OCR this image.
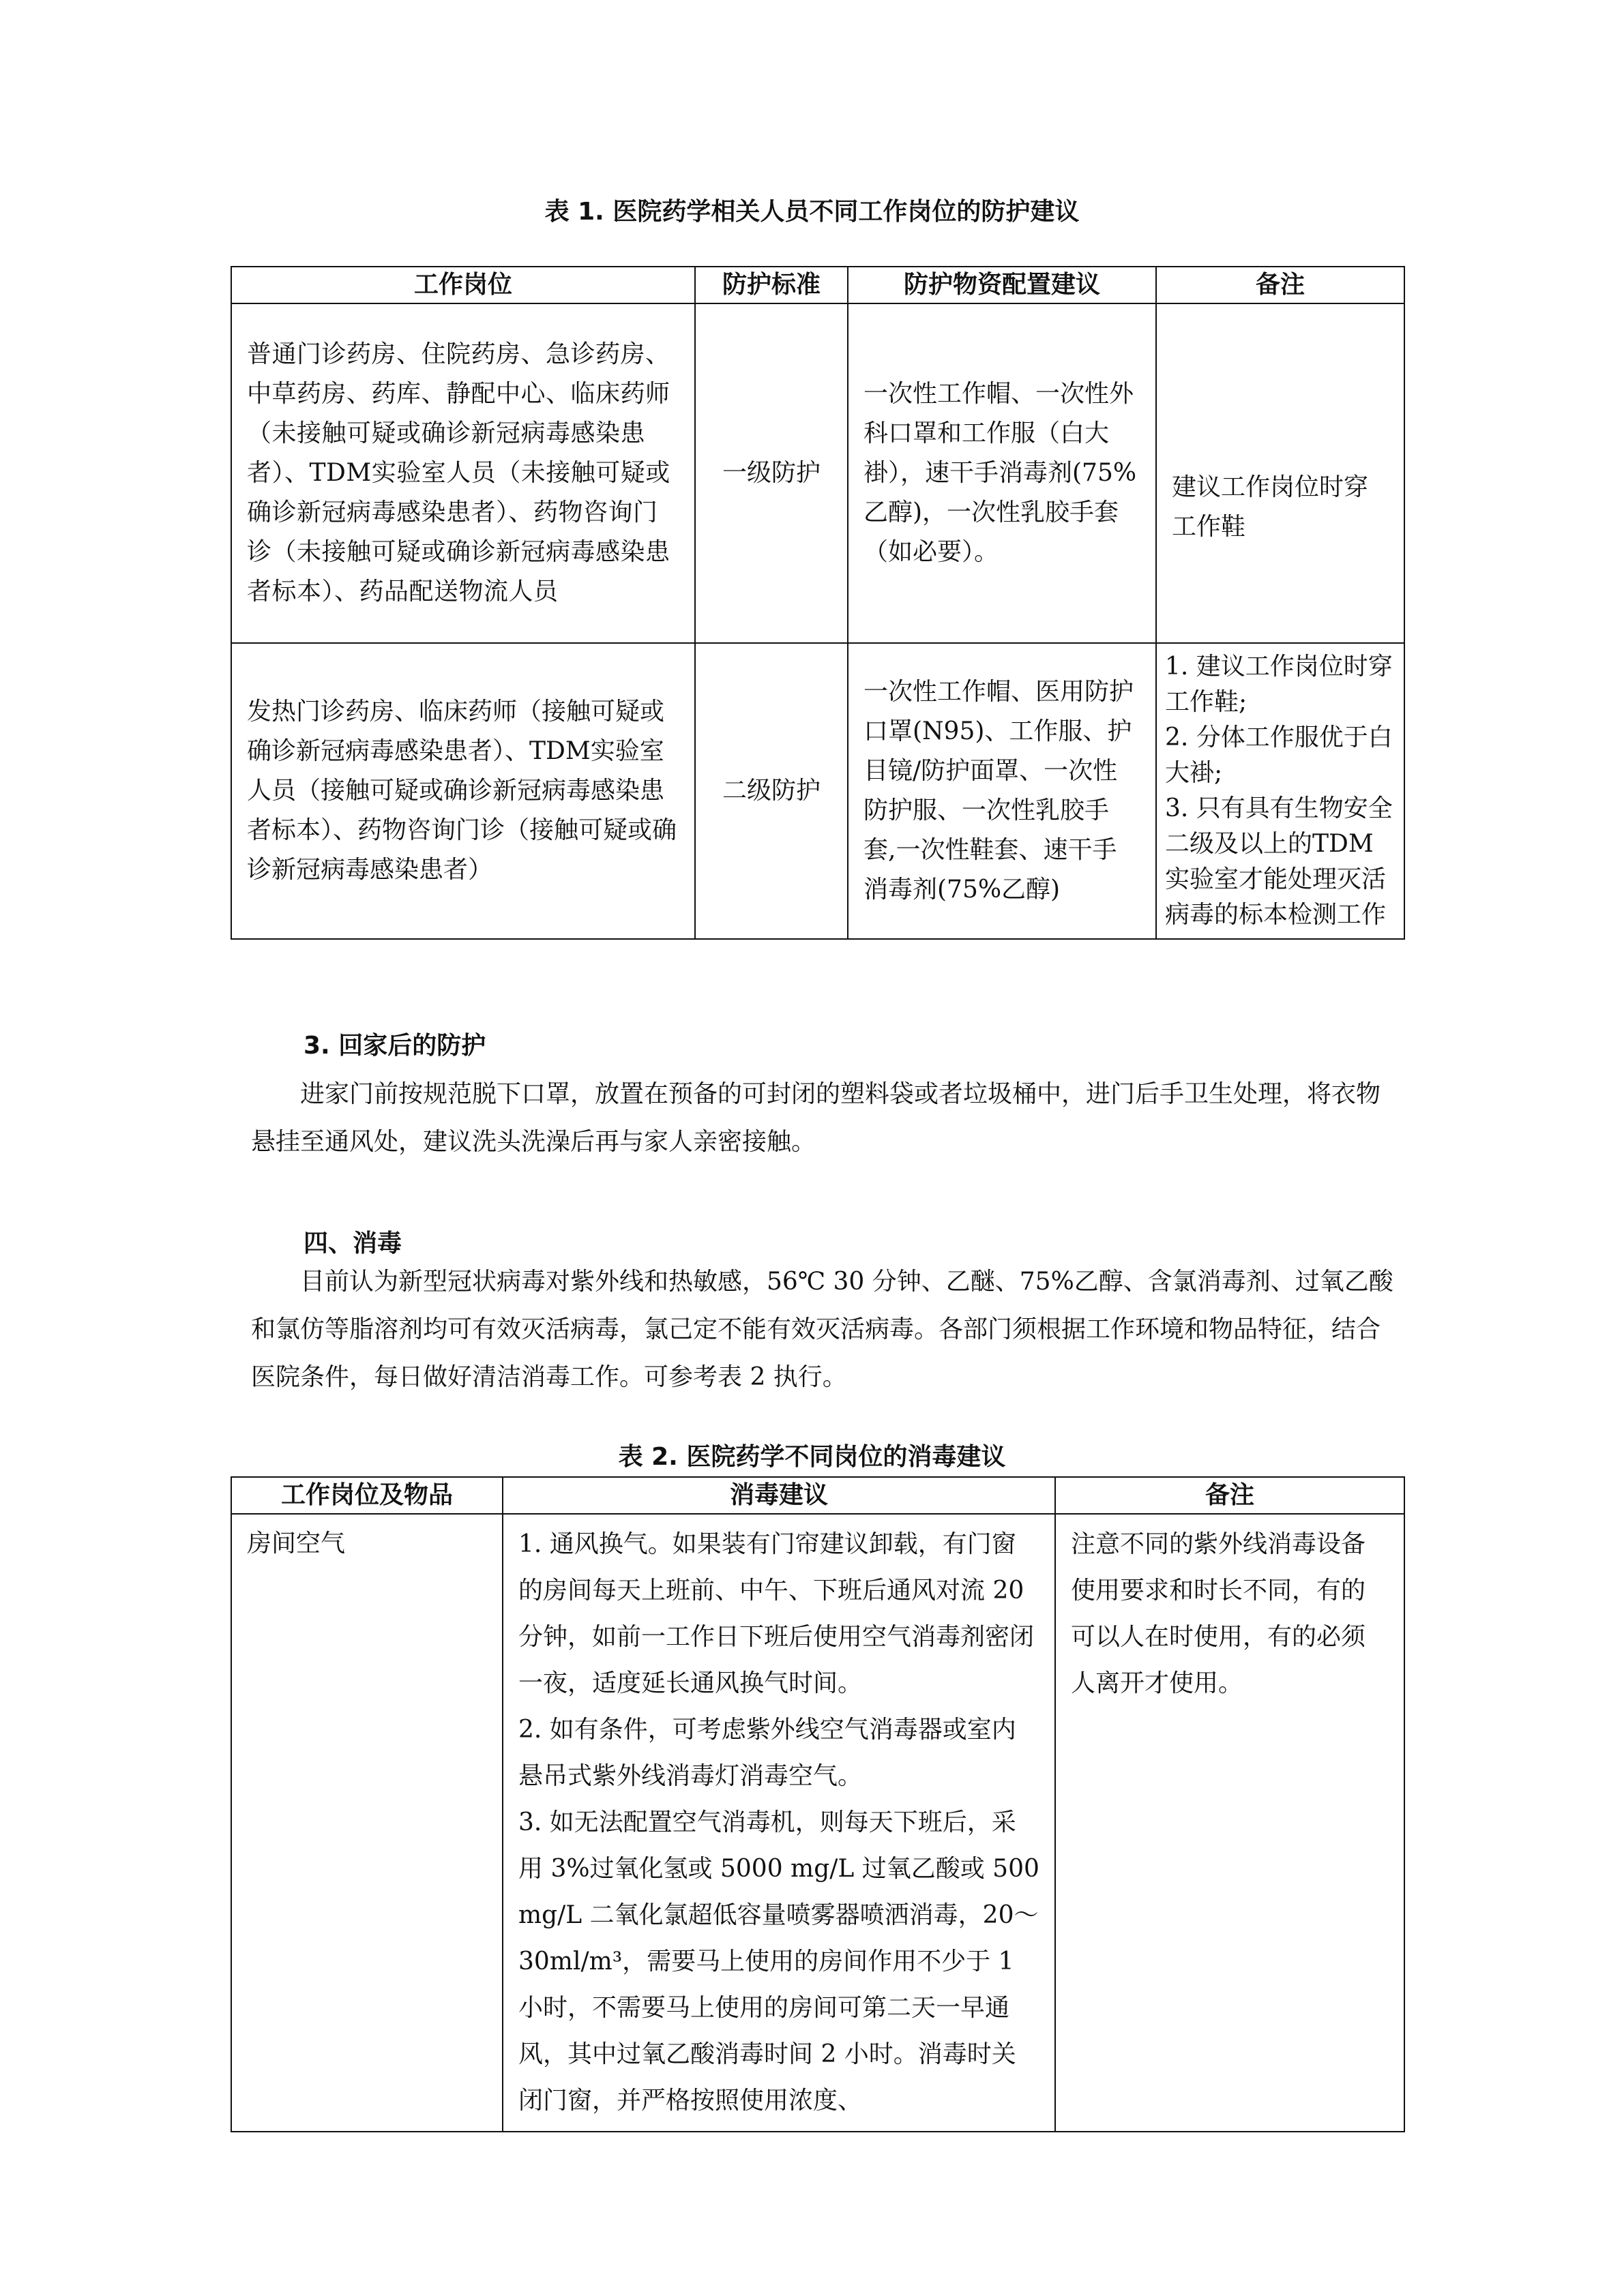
表 1. 医院药学相关人员不同工作岗位的防护建议
工作岗位	防护标准	防护物资配置建议	备注
普通门诊药房、住院药房、急诊药房、中草药房、药库、静配中心、临床药师（未接触可疑或确诊新冠病毒感染患者）、TDM实验室人员（未接触可疑或确诊新冠病毒感染患者）、药物咨询门诊（未接触可疑或确诊新冠病毒感染患者标本）、药品配送物流人员	一级防护	一次性工作帽、一次性外科口罩和工作服（白大褂），速干手消毒剂(75%乙醇)，一次性乳胶手套（如必要）。	建议工作岗位时穿工作鞋

发热门诊药房、临床药师（接触可疑或确诊新冠病毒感染患者）、TDM实验室人员（接触可疑或确诊新冠病毒感染患者标本）、药物咨询门诊（接触可疑或确诊新冠病毒感染患者）	二级防护	一次性工作帽、医用防护口罩(N95)、工作服、护目镜/防护面罩、一次性防护服、一次性乳胶手套,一次性鞋套、速干手消毒剂(75%乙醇)	1. 建议工作岗位时穿工作鞋;
2. 分体工作服优于白大褂;
3. 只有具有生物安全二级及以上的TDM实验室才能处理灭活病毒的标本检测工作
3. 回家后的防护
进家门前按规范脱下口罩，放置在预备的可封闭的塑料袋或者垃圾桶中，进门后手卫生处理，将衣物悬挂至通风处，建议洗头洗澡后再与家人亲密接触。
四、消毒
目前认为新型冠状病毒对紫外线和热敏感，56℃ 30 分钟、乙醚、75%乙醇、含氯消毒剂、过氧乙酸和氯仿等脂溶剂均可有效灭活病毒，氯己定不能有效灭活病毒。各部门须根据工作环境和物品特征，结合医院条件，每日做好清洁消毒工作。可参考表 2 执行。
表 2. 医院药学不同岗位的消毒建议
工作岗位及物品	消毒建议	备注
房间空气	1. 通风换气。如果装有门帘建议卸载，有门窗的房间每天上班前、中午、下班后通风对流 20 分钟，如前一工作日下班后使用空气消毒剂密闭一夜，适度延长通风换气时间。
2. 如有条件，可考虑紫外线空气消毒器或室内悬吊式紫外线消毒灯消毒空气。
3. 如无法配置空气消毒机，则每天下班后，采用 3%过氧化氢或 5000 mg/L 过氧乙酸或 500 mg/L 二氧化氯超低容量喷雾器喷洒消毒，20～30ml/m³，需要马上使用的房间作用不少于 1 小时，不需要马上使用的房间可第二天一早通风，其中过氧乙酸消毒时间 2 小时。消毒时关闭门窗，并严格按照使用浓度、	注意不同的紫外线消毒设备使用要求和时长不同，有的可以人在时使用，有的必须人离开才使用。
